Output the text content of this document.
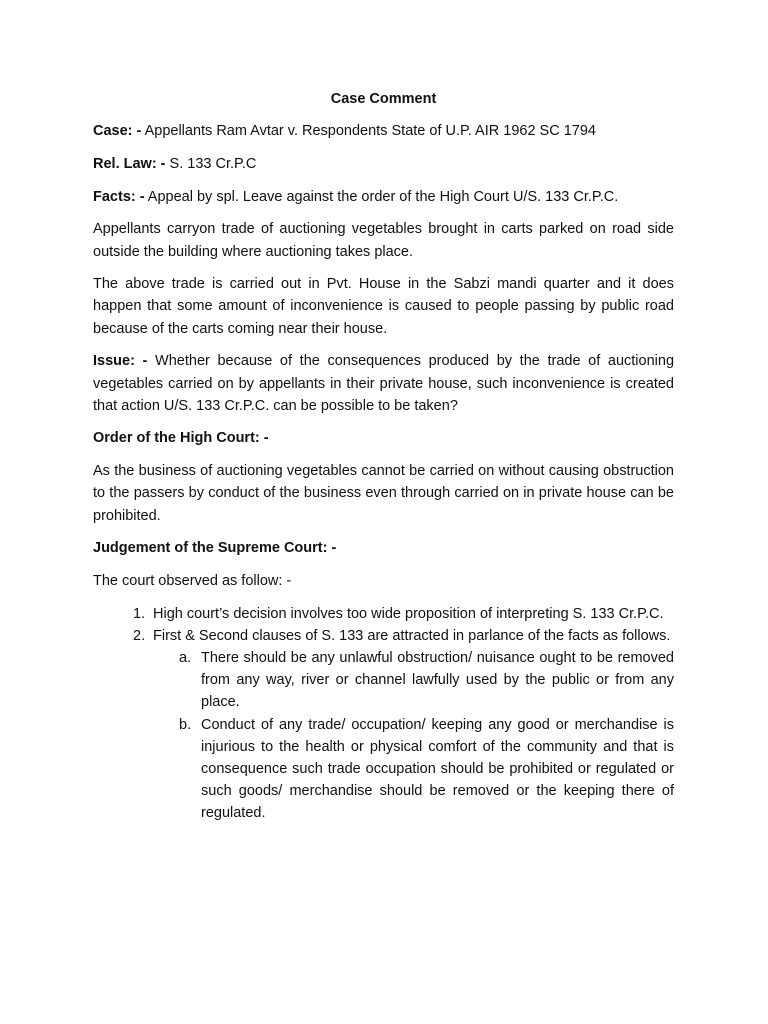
Case Comment

Case: - Appellants Ram Avtar v. Respondents State of U.P. AIR 1962 SC 1794

Rel. Law: - S. 133 Cr.P.C

Facts: - Appeal by spl. Leave against the order of the High Court U/S. 133 Cr.P.C.

Appellants carryon trade of auctioning vegetables brought in carts parked on road side outside the building where auctioning takes place.

The above trade is carried out in Pvt. House in the Sabzi mandi quarter and it does happen that some amount of inconvenience is caused to people passing by public road because of the carts coming near their house.

Issue: - Whether because of the consequences produced by the trade of auctioning vegetables carried on by appellants in their private house, such inconvenience is created that action U/S. 133 Cr.P.C. can be possible to be taken?

Order of the High Court: -

As the business of auctioning vegetables cannot be carried on without causing obstruction to the passers by conduct of the business even through carried on in private house can be prohibited.

Judgement of the Supreme Court: -

The court observed as follow: -

1. High court’s decision involves too wide proposition of interpreting S. 133 Cr.P.C.
2. First & Second clauses of S. 133 are attracted in parlance of the facts as follows.
a. There should be any unlawful obstruction/ nuisance ought to be removed from any way, river or channel lawfully used by the public or from any place.
b. Conduct of any trade/ occupation/ keeping any good or merchandise is injurious to the health or physical comfort of the community and that is consequence such trade occupation should be prohibited or regulated or such goods/ merchandise should be removed or the keeping there of regulated.
